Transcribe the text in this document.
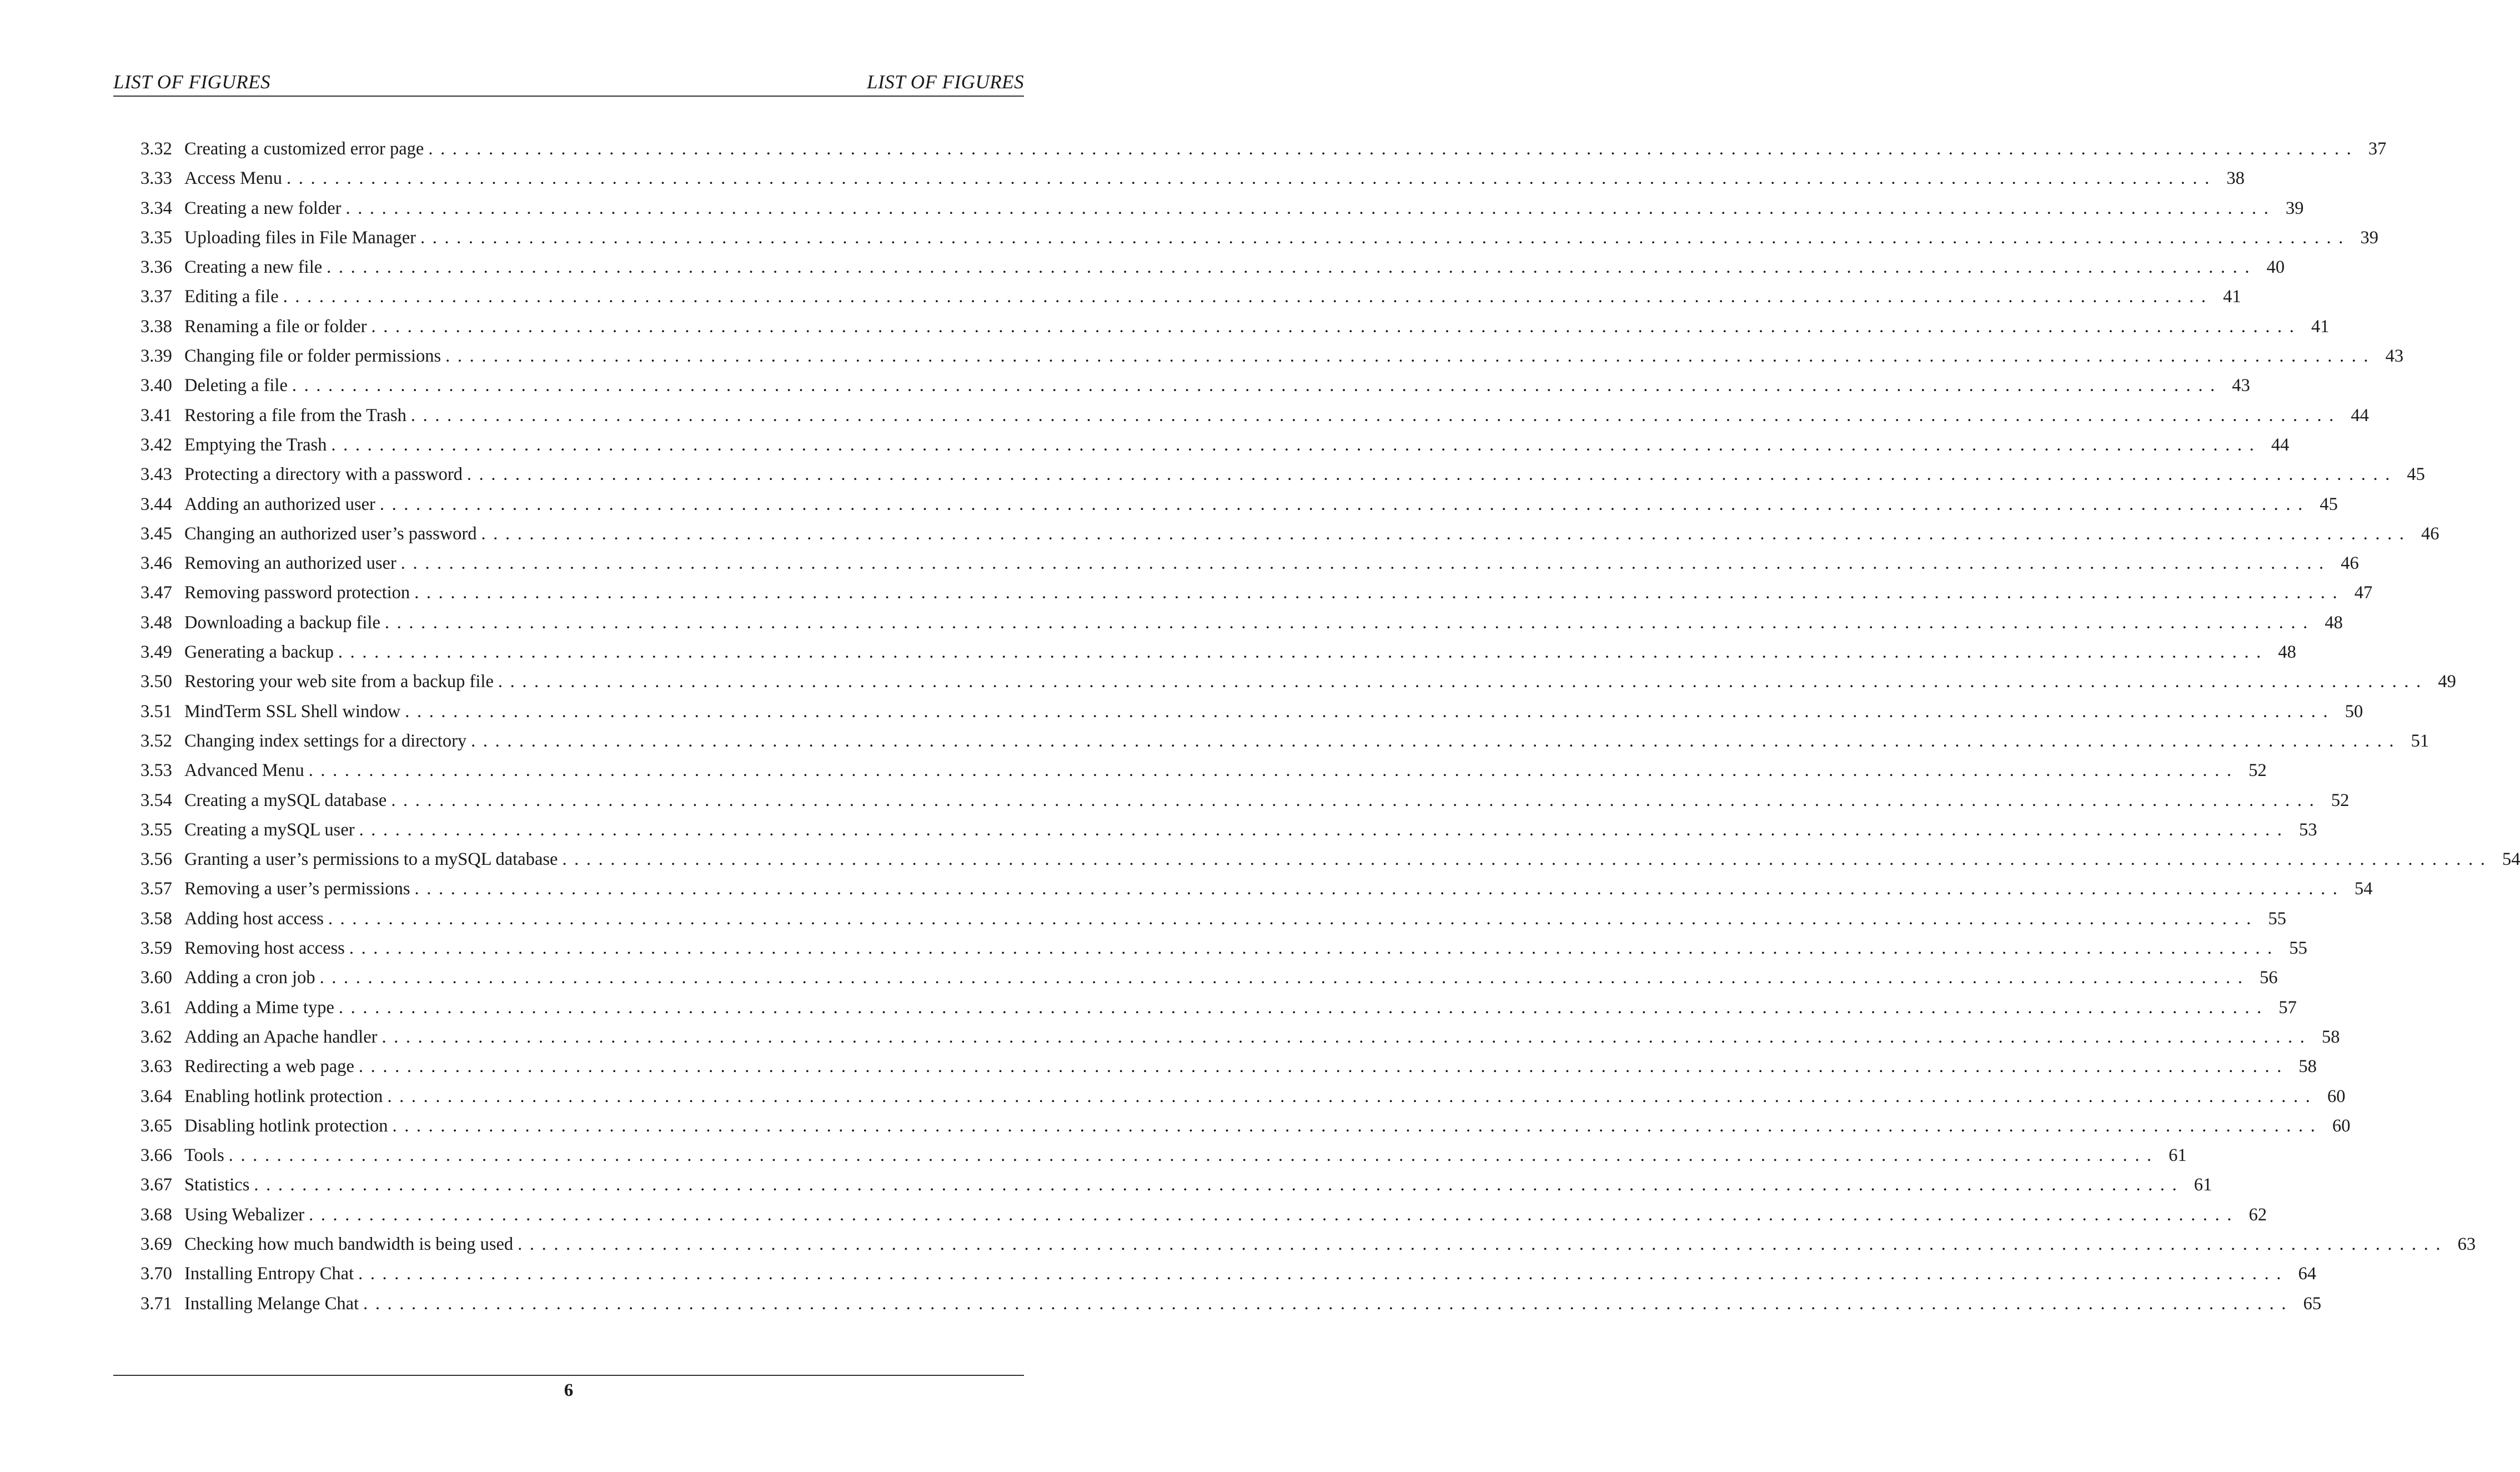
LIST OF FIGURES	LIST OF FIGURES
3.32 Creating a customized error page ................................................................................................................................................................ 37
3.33 Access Menu ................................................................................................................................................................ 38
3.34 Creating a new folder ................................................................................................................................................................ 39
3.35 Uploading files in File Manager ................................................................................................................................................................ 39
3.36 Creating a new file ................................................................................................................................................................ 40
3.37 Editing a file ................................................................................................................................................................ 41
3.38 Renaming a file or folder ................................................................................................................................................................ 41
3.39 Changing file or folder permissions ................................................................................................................................................................ 43
3.40 Deleting a file ................................................................................................................................................................ 43
3.41 Restoring a file from the Trash ................................................................................................................................................................ 44
3.42 Emptying the Trash ................................................................................................................................................................ 44
3.43 Protecting a directory with a password ................................................................................................................................................................ 45
3.44 Adding an authorized user ................................................................................................................................................................ 45
3.45 Changing an authorized user’s password ................................................................................................................................................................ 46
3.46 Removing an authorized user ................................................................................................................................................................ 46
3.47 Removing password protection ................................................................................................................................................................ 47
3.48 Downloading a backup file ................................................................................................................................................................ 48
3.49 Generating a backup ................................................................................................................................................................ 48
3.50 Restoring your web site from a backup file ................................................................................................................................................................ 49
3.51 MindTerm SSL Shell window ................................................................................................................................................................ 50
3.52 Changing index settings for a directory ................................................................................................................................................................ 51
3.53 Advanced Menu ................................................................................................................................................................ 52
3.54 Creating a mySQL database ................................................................................................................................................................ 52
3.55 Creating a mySQL user ................................................................................................................................................................ 53
3.56 Granting a user’s permissions to a mySQL database ................................................................................................................................................................ 54
3.57 Removing a user’s permissions ................................................................................................................................................................ 54
3.58 Adding host access ................................................................................................................................................................ 55
3.59 Removing host access ................................................................................................................................................................ 55
3.60 Adding a cron job ................................................................................................................................................................ 56
3.61 Adding a Mime type ................................................................................................................................................................ 57
3.62 Adding an Apache handler ................................................................................................................................................................ 58
3.63 Redirecting a web page ................................................................................................................................................................ 58
3.64 Enabling hotlink protection ................................................................................................................................................................ 60
3.65 Disabling hotlink protection ................................................................................................................................................................ 60
3.66 Tools ................................................................................................................................................................ 61
3.67 Statistics ................................................................................................................................................................ 61
3.68 Using Webalizer ................................................................................................................................................................ 62
3.69 Checking how much bandwidth is being used ................................................................................................................................................................ 63
3.70 Installing Entropy Chat ................................................................................................................................................................ 64
3.71 Installing Melange Chat ................................................................................................................................................................ 65
6
